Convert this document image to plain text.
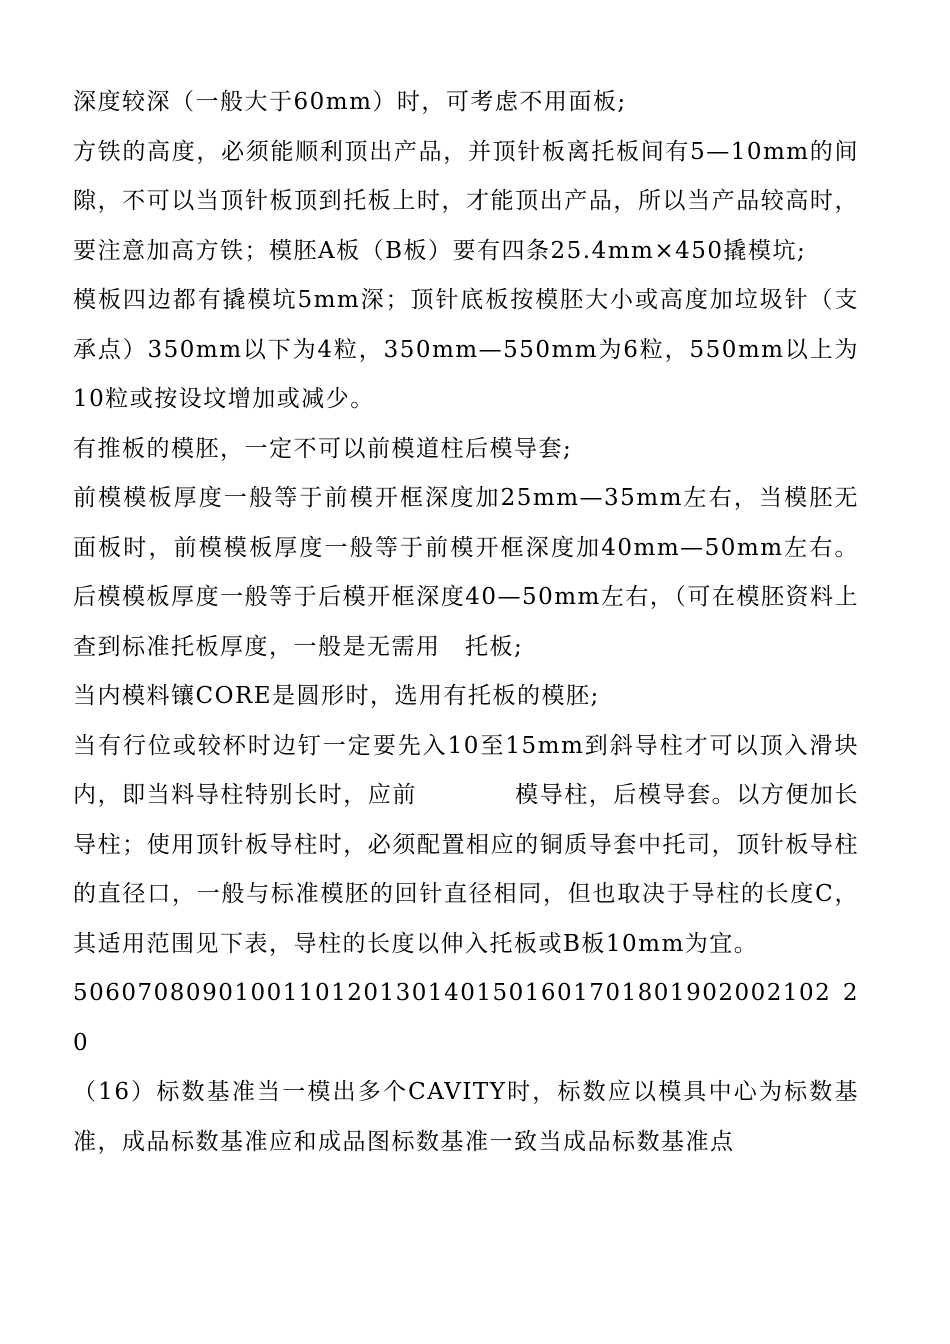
深度较深（一般大于60mm）时，可考虑不用面板;

方铁的高度，必须能顺利顶出产品，并顶针板离托板间有5—10mm的间隙，不可以当顶针板顶到托板上时，才能顶出产品，所以当产品较高时，要注意加高方铁；模胚A板（B板）要有四条25.4mm×450撬模坑;

模板四边都有撬模坑5mm深；顶针底板按模胚大小或高度加垃圾针（支承点）350mm以下为4粒，350mm—550mm为6粒，550mm以上为10粒或按设坟增加或减少。

有推板的模胚，一定不可以前模道柱后模导套;

前模模板厚度一般等于前模开框深度加25mm—35mm左右，当模胚无面板时，前模模板厚度一般等于前模开框深度加40mm—50mm左右。后模模板厚度一般等于后模开框深度40—50mm左右，（可在模胚资料上查到标准托板厚度，一般是无需用　托板;

当内模料镶CORE是圆形时，选用有托板的模胚;

当有行位或较杯时边钉一定要先入10至15mm到斜导柱才可以顶入滑块内，即当料导柱特别长时，应前　　　　模导柱，后模导套。以方便加长导柱；使用顶针板导柱时，必须配置相应的铜质导套中托司，顶针板导柱的直径口，一般与标准模胚的回针直径相同，但也取决于导柱的长度C，其适用范围见下表，导柱的长度以伸入托板或B板10mm为宜。

50607080901001101201301401501601701801902002102 20

（16）标数基准当一模出多个CAVITY时，标数应以模具中心为标数基准，成品标数基准应和成品图标数基准一致当成品标数基准点
